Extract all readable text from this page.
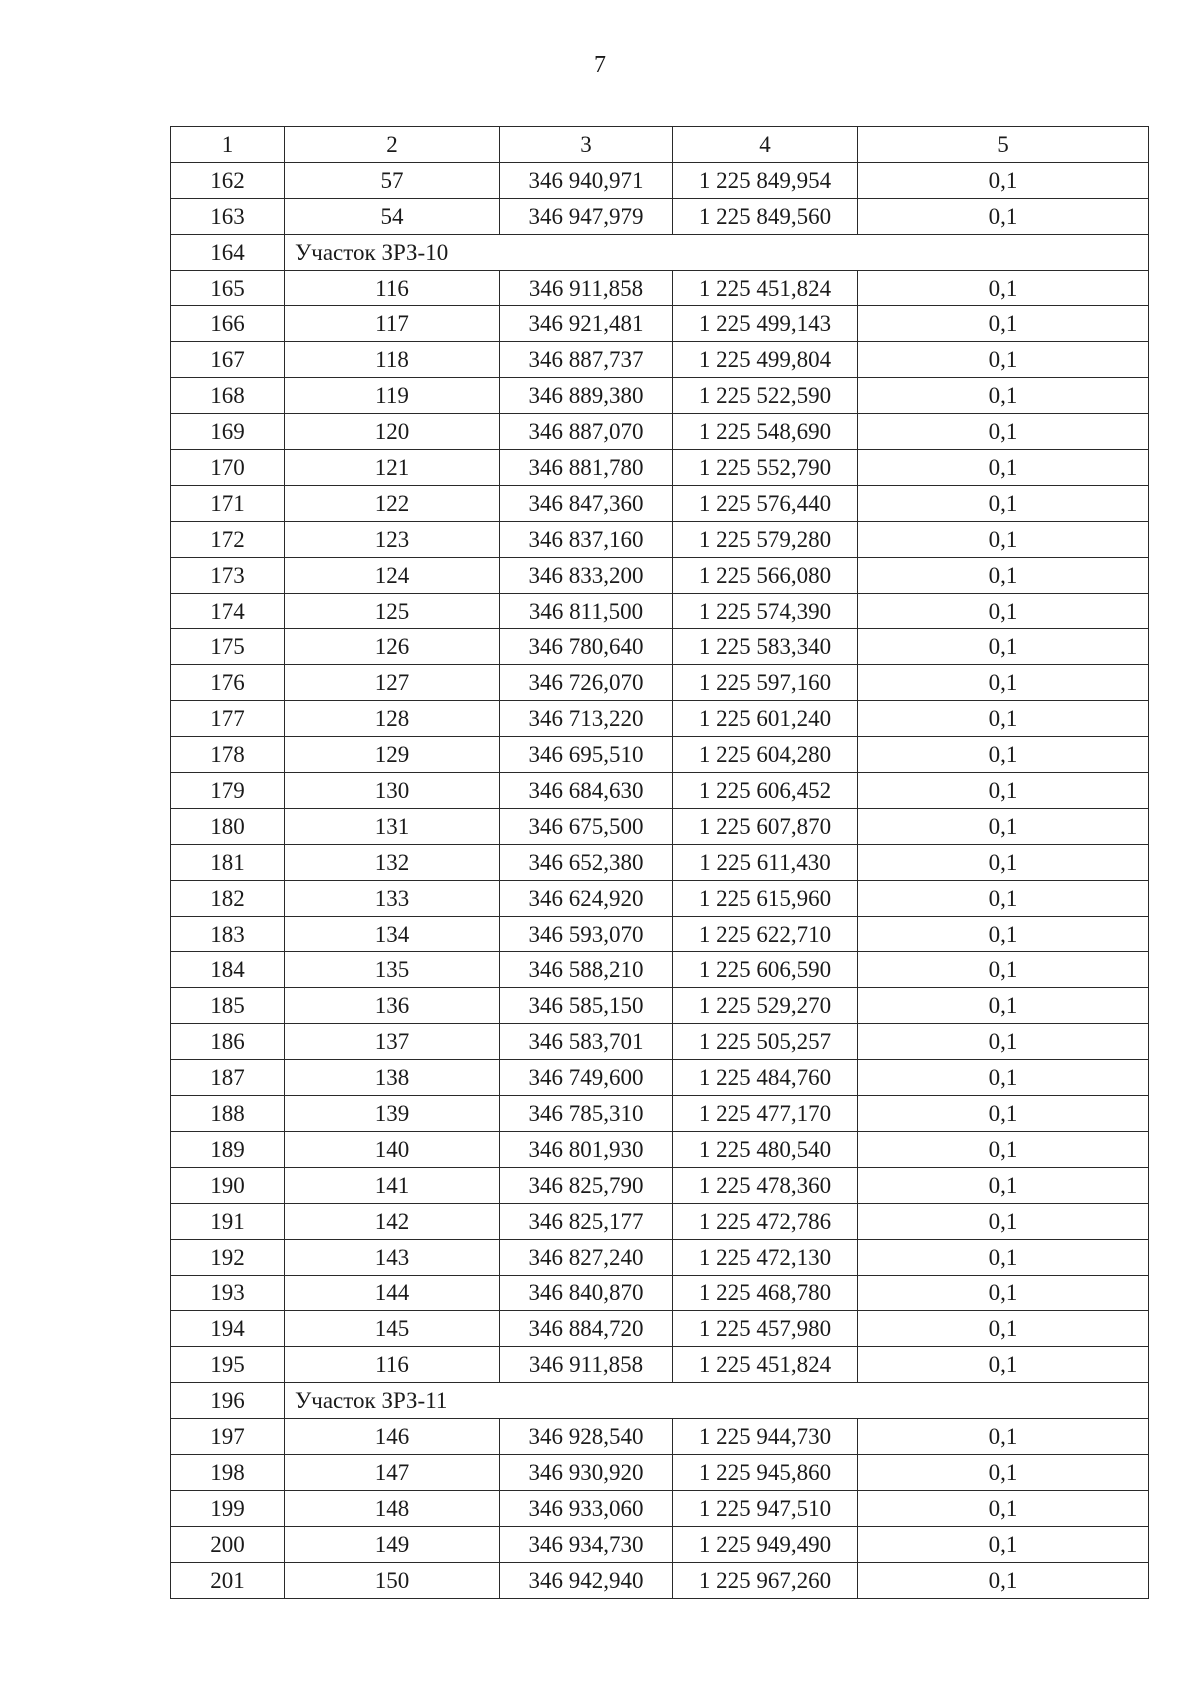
7
1	2	3	4	5
162	57	346 940,971	1 225 849,954	0,1
163	54	346 947,979	1 225 849,560	0,1
164	Участок ЗРЗ-10			
165	116	346 911,858	1 225 451,824	0,1
166	117	346 921,481	1 225 499,143	0,1
167	118	346 887,737	1 225 499,804	0,1
168	119	346 889,380	1 225 522,590	0,1
169	120	346 887,070	1 225 548,690	0,1
170	121	346 881,780	1 225 552,790	0,1
171	122	346 847,360	1 225 576,440	0,1
172	123	346 837,160	1 225 579,280	0,1
173	124	346 833,200	1 225 566,080	0,1
174	125	346 811,500	1 225 574,390	0,1
175	126	346 780,640	1 225 583,340	0,1
176	127	346 726,070	1 225 597,160	0,1
177	128	346 713,220	1 225 601,240	0,1
178	129	346 695,510	1 225 604,280	0,1
179	130	346 684,630	1 225 606,452	0,1
180	131	346 675,500	1 225 607,870	0,1
181	132	346 652,380	1 225 611,430	0,1
182	133	346 624,920	1 225 615,960	0,1
183	134	346 593,070	1 225 622,710	0,1
184	135	346 588,210	1 225 606,590	0,1
185	136	346 585,150	1 225 529,270	0,1
186	137	346 583,701	1 225 505,257	0,1
187	138	346 749,600	1 225 484,760	0,1
188	139	346 785,310	1 225 477,170	0,1
189	140	346 801,930	1 225 480,540	0,1
190	141	346 825,790	1 225 478,360	0,1
191	142	346 825,177	1 225 472,786	0,1
192	143	346 827,240	1 225 472,130	0,1
193	144	346 840,870	1 225 468,780	0,1
194	145	346 884,720	1 225 457,980	0,1
195	116	346 911,858	1 225 451,824	0,1
196	Участок ЗРЗ-11			
197	146	346 928,540	1 225 944,730	0,1
198	147	346 930,920	1 225 945,860	0,1
199	148	346 933,060	1 225 947,510	0,1
200	149	346 934,730	1 225 949,490	0,1
201	150	346 942,940	1 225 967,260	0,1
